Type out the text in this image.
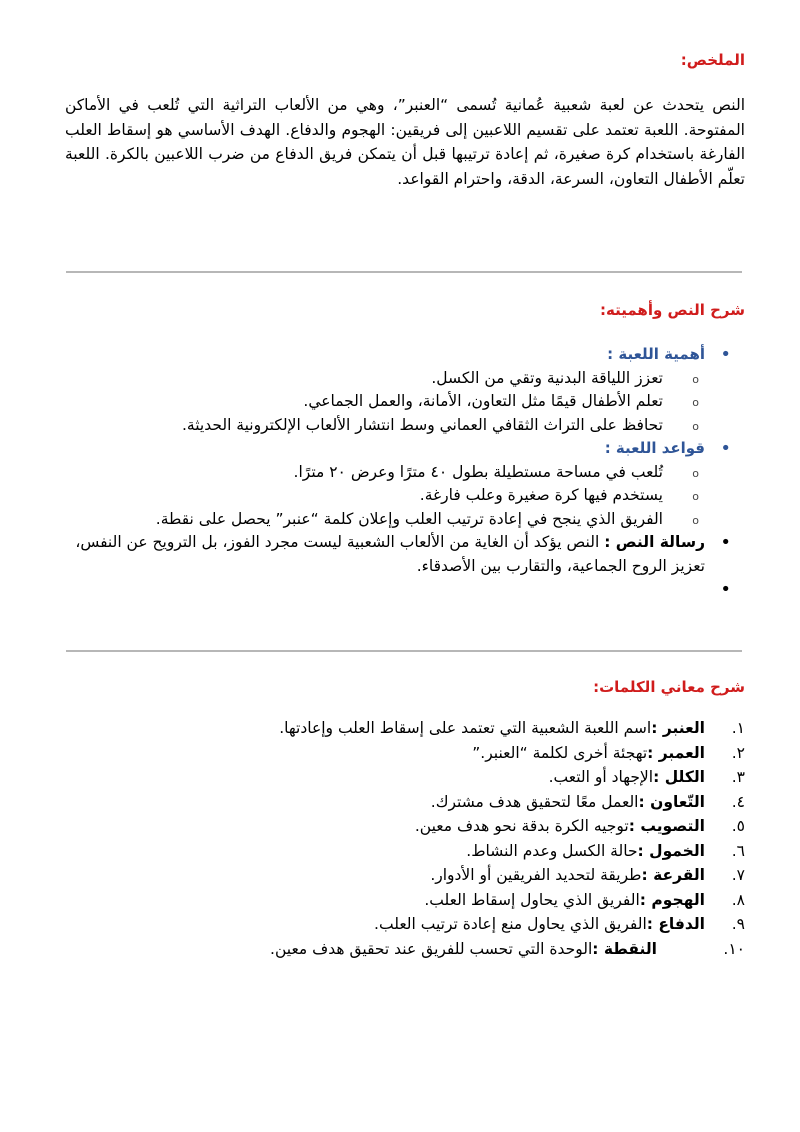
الملخص:

النص يتحدث عن لعبة شعبية عُمانية تُسمى “العنبر”، وهي من الألعاب التراثية التي تُلعب في الأماكن المفتوحة. اللعبة تعتمد على تقسيم اللاعبين إلى فريقين: الهجوم والدفاع. الهدف الأساسي هو إسقاط العلب الفارغة باستخدام كرة صغيرة، ثم إعادة ترتيبها قبل أن يتمكن فريق الدفاع من ضرب اللاعبين بالكرة. اللعبة تعلّم الأطفال التعاون، السرعة، الدقة، واحترام القواعد.

شرح النص وأهميته:
• أهمية اللعبة :
o تعزز اللياقة البدنية وتقي من الكسل.
o تعلم الأطفال قيمًا مثل التعاون، الأمانة، والعمل الجماعي.
o تحافظ على التراث الثقافي العماني وسط انتشار الألعاب الإلكترونية الحديثة.
• قواعد اللعبة :
o تُلعب في مساحة مستطيلة بطول ٤٠ مترًا وعرض ٢٠ مترًا.
o يستخدم فيها كرة صغيرة وعلب فارغة.
o الفريق الذي ينجح في إعادة ترتيب العلب وإعلان كلمة “عنبر” يحصل على نقطة.
• رسالة النص : النص يؤكد أن الغاية من الألعاب الشعبية ليست مجرد الفوز، بل الترويح عن النفس، تعزيز الروح الجماعية، والتقارب بين الأصدقاء.
•
شرح معاني الكلمات:
١.
العنبر :اسم اللعبة الشعبية التي تعتمد على إسقاط العلب وإعادتها.
٢.
العمبر :تهجئة أخرى لكلمة “العنبر.”
٣.
الكلل :الإجهاد أو التعب.
٤.
التّعاون :العمل معًا لتحقيق هدف مشترك.
٥.
التصويب :توجيه الكرة بدقة نحو هدف معين.
٦.
الخمول :حالة الكسل وعدم النشاط.
٧.
القرعة :طريقة لتحديد الفريقين أو الأدوار.
٨.
الهجوم :الفريق الذي يحاول إسقاط العلب.
٩.
الدفاع :الفريق الذي يحاول منع إعادة ترتيب العلب.
١٠.
النقطة :الوحدة التي تحسب للفريق عند تحقيق هدف معين.
